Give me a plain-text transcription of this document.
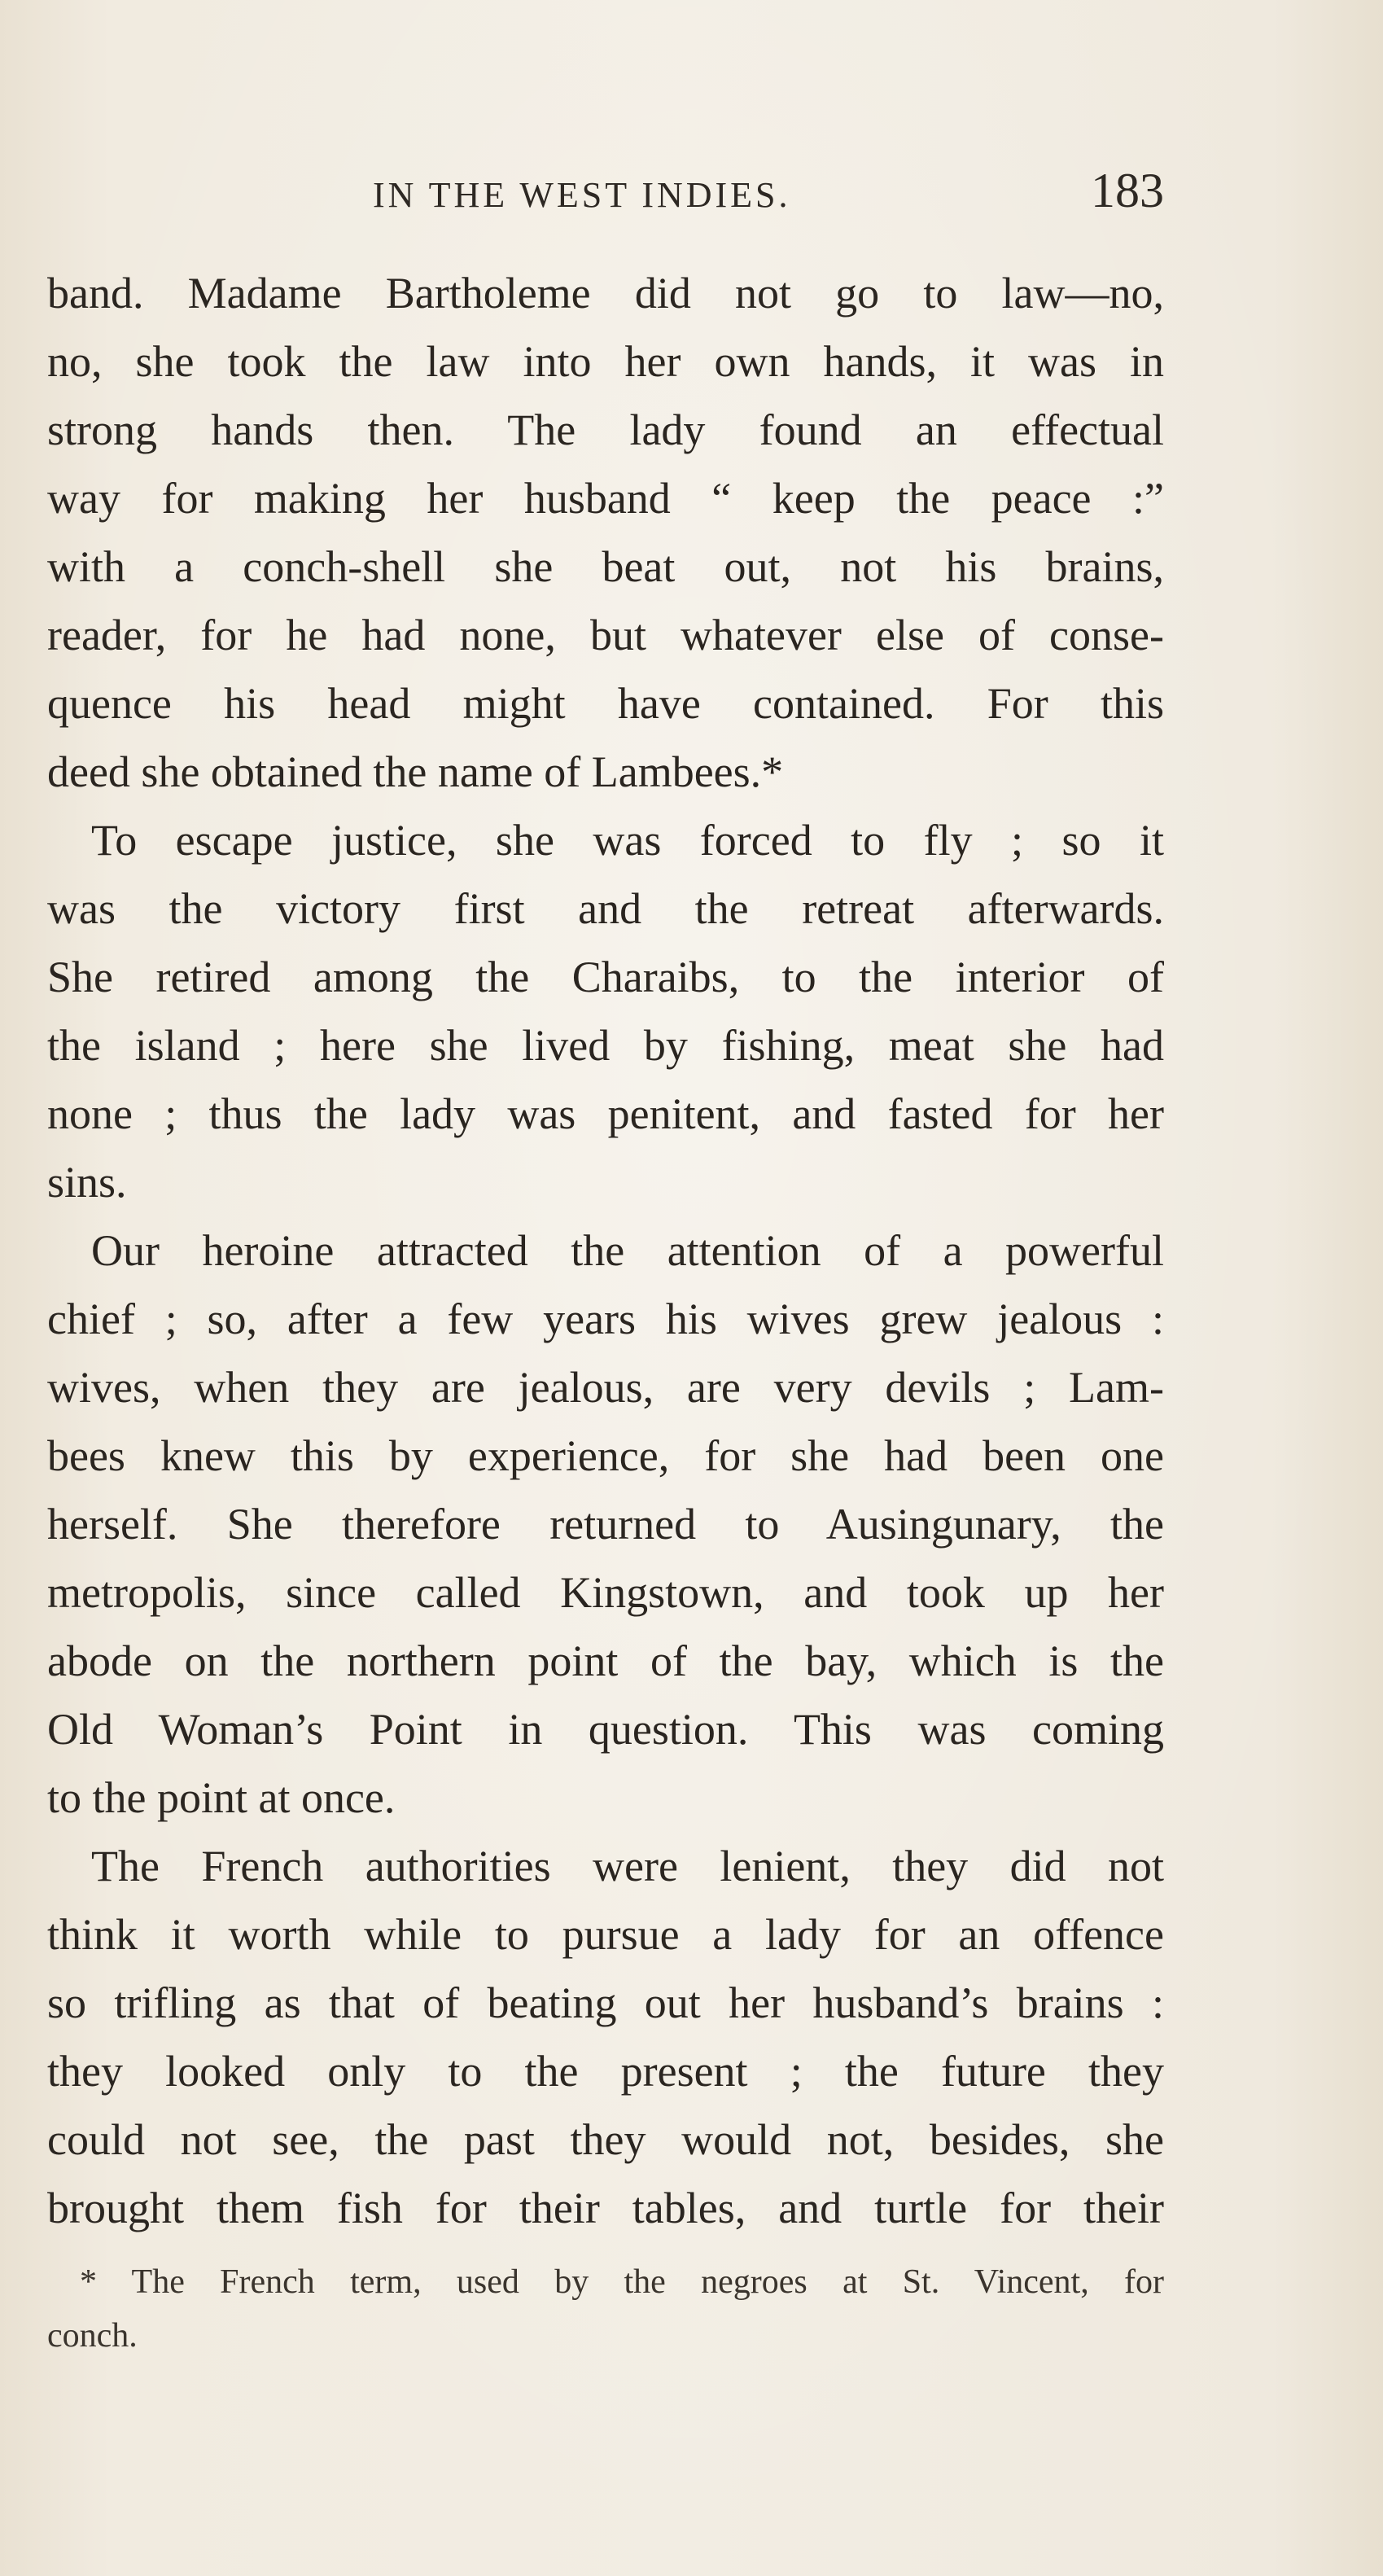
IN THE WEST INDIES.	183
band. Madame Bartholeme did not go to law—no,
no, she took the law into her own hands, it was in
strong hands then. The lady found an effectual
way for making her husband “ keep the peace :”
with a conch-shell she beat out, not his brains,
reader, for he had none, but whatever else of conse-
quence his head might have contained. For this
deed she obtained the name of Lambees.*
To escape justice, she was forced to fly ; so it
was the victory first and the retreat afterwards.
She retired among the Charaibs, to the interior of
the island ; here she lived by fishing, meat she had
none ; thus the lady was penitent, and fasted for her
sins.
Our heroine attracted the attention of a powerful
chief ; so, after a few years his wives grew jealous :
wives, when they are jealous, are very devils ; Lam-
bees knew this by experience, for she had been one
herself. She therefore returned to Ausingunary, the
metropolis, since called Kingstown, and took up her
abode on the northern point of the bay, which is the
Old Woman’s Point in question. This was coming
to the point at once.
The French authorities were lenient, they did not
think it worth while to pursue a lady for an offence
so trifling as that of beating out her husband’s brains :
they looked only to the present ; the future they
could not see, the past they would not, besides, she
brought them fish for their tables, and turtle for their
* The French term, used by the negroes at St. Vincent, for
conch.
